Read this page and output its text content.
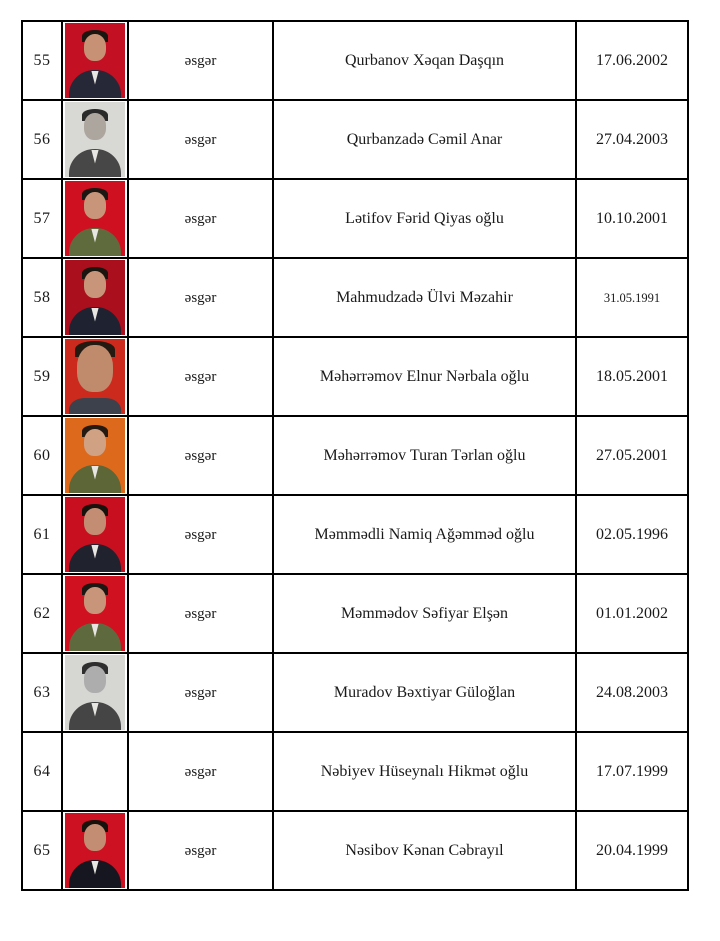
55		əsgər	Qurbanov Xəqan Daşqın	17.06.2002
56		əsgər	Qurbanzadə Cəmil Anar	27.04.2003
57		əsgər	Lətifov Fərid Qiyas oğlu	10.10.2001
58		əsgər	Mahmudzadə Ülvi Məzahir	31.05.1991
59		əsgər	Məhərrəmov Elnur Nərbala oğlu	18.05.2001
60		əsgər	Məhərrəmov Turan Tərlan oğlu	27.05.2001
61		əsgər	Məmmədli Namiq Ağəmməd oğlu	02.05.1996
62		əsgər	Məmmədov Səfiyar Elşən	01.01.2002
63		əsgər	Muradov Bəxtiyar Güloğlan	24.08.2003
64		əsgər	Nəbiyev Hüseynalı Hikmət oğlu	17.07.1999
65		əsgər	Nəsibov Kənan Cəbrayıl	20.04.1999
